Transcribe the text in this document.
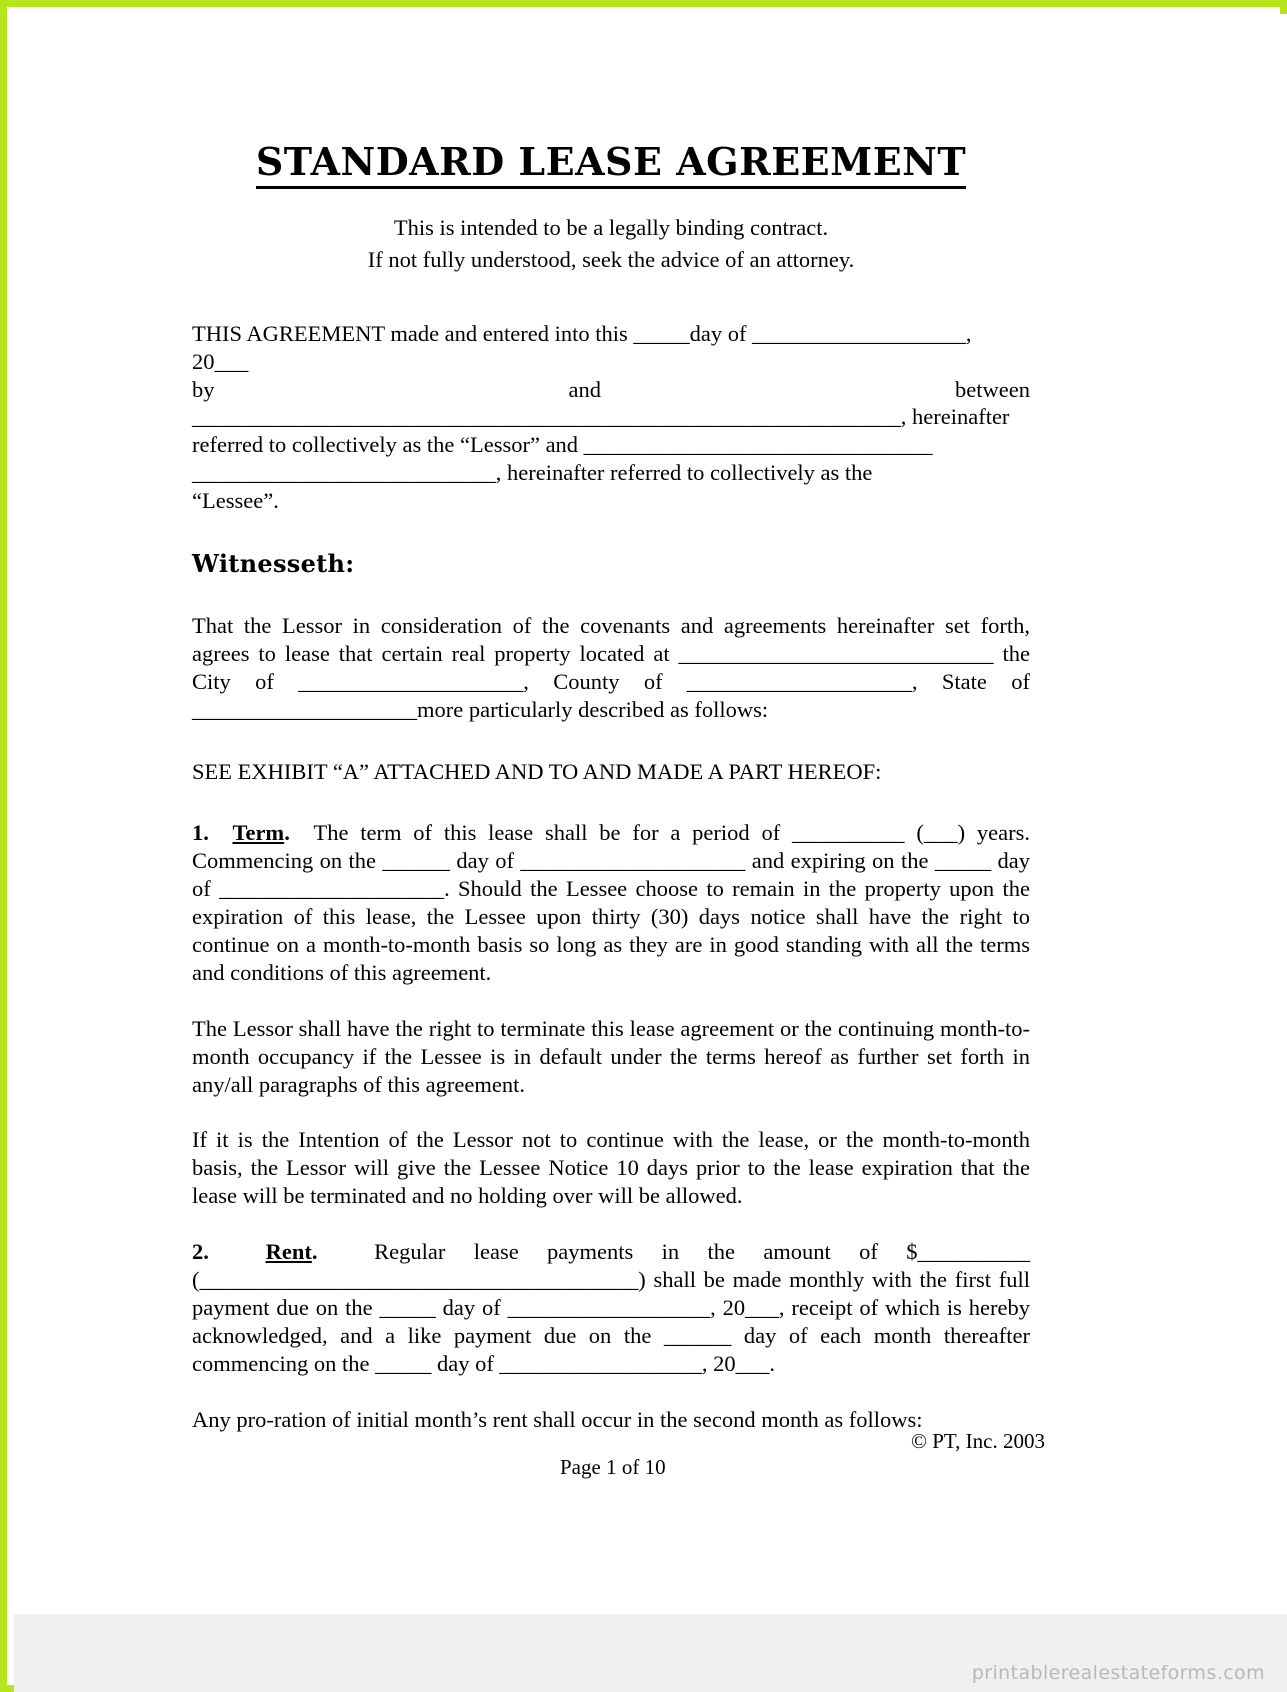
STANDARD LEASE AGREEMENT
This is intended to be a legally binding contract.
If not fully understood, seek the advice of an attorney.

THIS AGREEMENT made and entered into this _____day of ___________________, 20___

by	and	between

_______________________________________________________________, hereinafter

referred to collectively as the “Lessor” and _______________________________

___________________________, hereinafter referred to collectively as the

“Lessee”.

Witnesseth:

That the Lessor in consideration of the covenants and agreements hereinafter set forth, agrees to lease that certain real property located at ____________________________ the City of ____________________, County of ____________________, State of ____________________more particularly described as follows:

SEE EXHIBIT “A” ATTACHED AND TO AND MADE A PART HEREOF:

1. Term. The term of this lease shall be for a period of __________ (___) years. Commencing on the ______ day of ____________________ and expiring on the _____ day of ____________________. Should the Lessee choose to remain in the property upon the expiration of this lease, the Lessee upon thirty (30) days notice shall have the right to continue on a month-to-month basis so long as they are in good standing with all the terms and conditions of this agreement.

The Lessor shall have the right to terminate this lease agreement or the continuing month-to-month occupancy if the Lessee is in default under the terms hereof as further set forth in any/all paragraphs of this agreement.

If it is the Intention of the Lessor not to continue with the lease, or the month-to-month basis, the Lessor will give the Lessee Notice 10 days prior to the lease expiration that the lease will be terminated and no holding over will be allowed.

2.	Rent.	Regular lease payments in the amount of $__________ (_______________________________________) shall be made monthly with the first full payment due on the _____ day of __________________, 20___, receipt of which is hereby acknowledged, and a like payment due on the ______ day of each month thereafter commencing on the _____ day of __________________, 20___.

Any pro-ration of initial month’s rent shall occur in the second month as follows:

© PT, Inc. 2003
Page 1 of 10
printablerealestateforms.com
